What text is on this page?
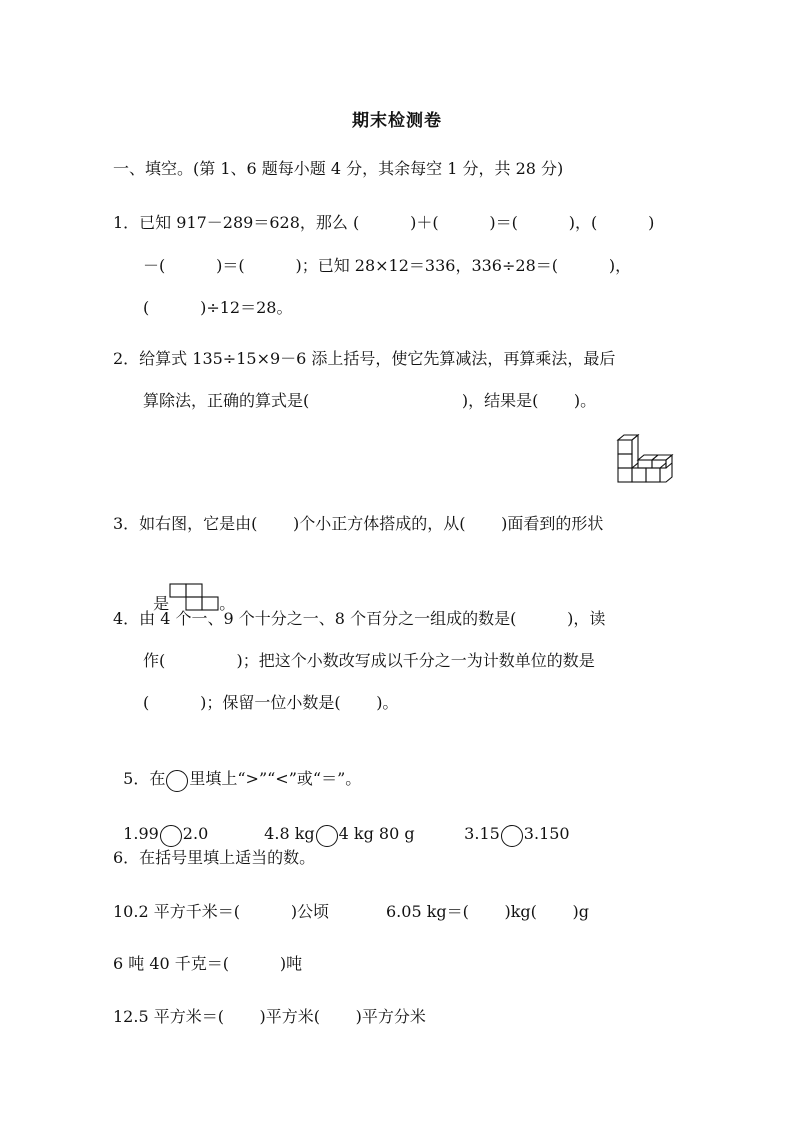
期末检测卷
一、填空。(第 1、6 题每小题 4 分，其余每空 1 分，共 28 分)
1．已知 917－289＝628，那么 (          )＋(          )＝(          )，(          )
－(          )＝(          )；已知 28×12＝336，336÷28＝(          )，
(          )÷12＝28。
2．给算式 135÷15×9－6 添上括号，使它先算减法，再算乘法，最后
算除法，正确的算式是(                              )，结果是(       )。
3．如右图，它是由(       )个小正方体搭成的，从(       )面看到的形状

是	。

4．由 4 个一、9 个十分之一、8 个百分之一组成的数是(          )，读
作(              )；把这个小数改写成以千分之一为计数单位的数是
(          )；保留一位小数是(       )。

5．在 里填上“>”“<”或“＝”。

1.99 2.0	4.8 kg 4 kg 80 g	3.15 3.150

6．在括号里填上适当的数。
10.2 平方千米＝(          )公顷	6.05 kg＝(       )kg(       )g
6 吨 40 千克＝(          )吨
12.5 平方米＝(       )平方米(       )平方分米
